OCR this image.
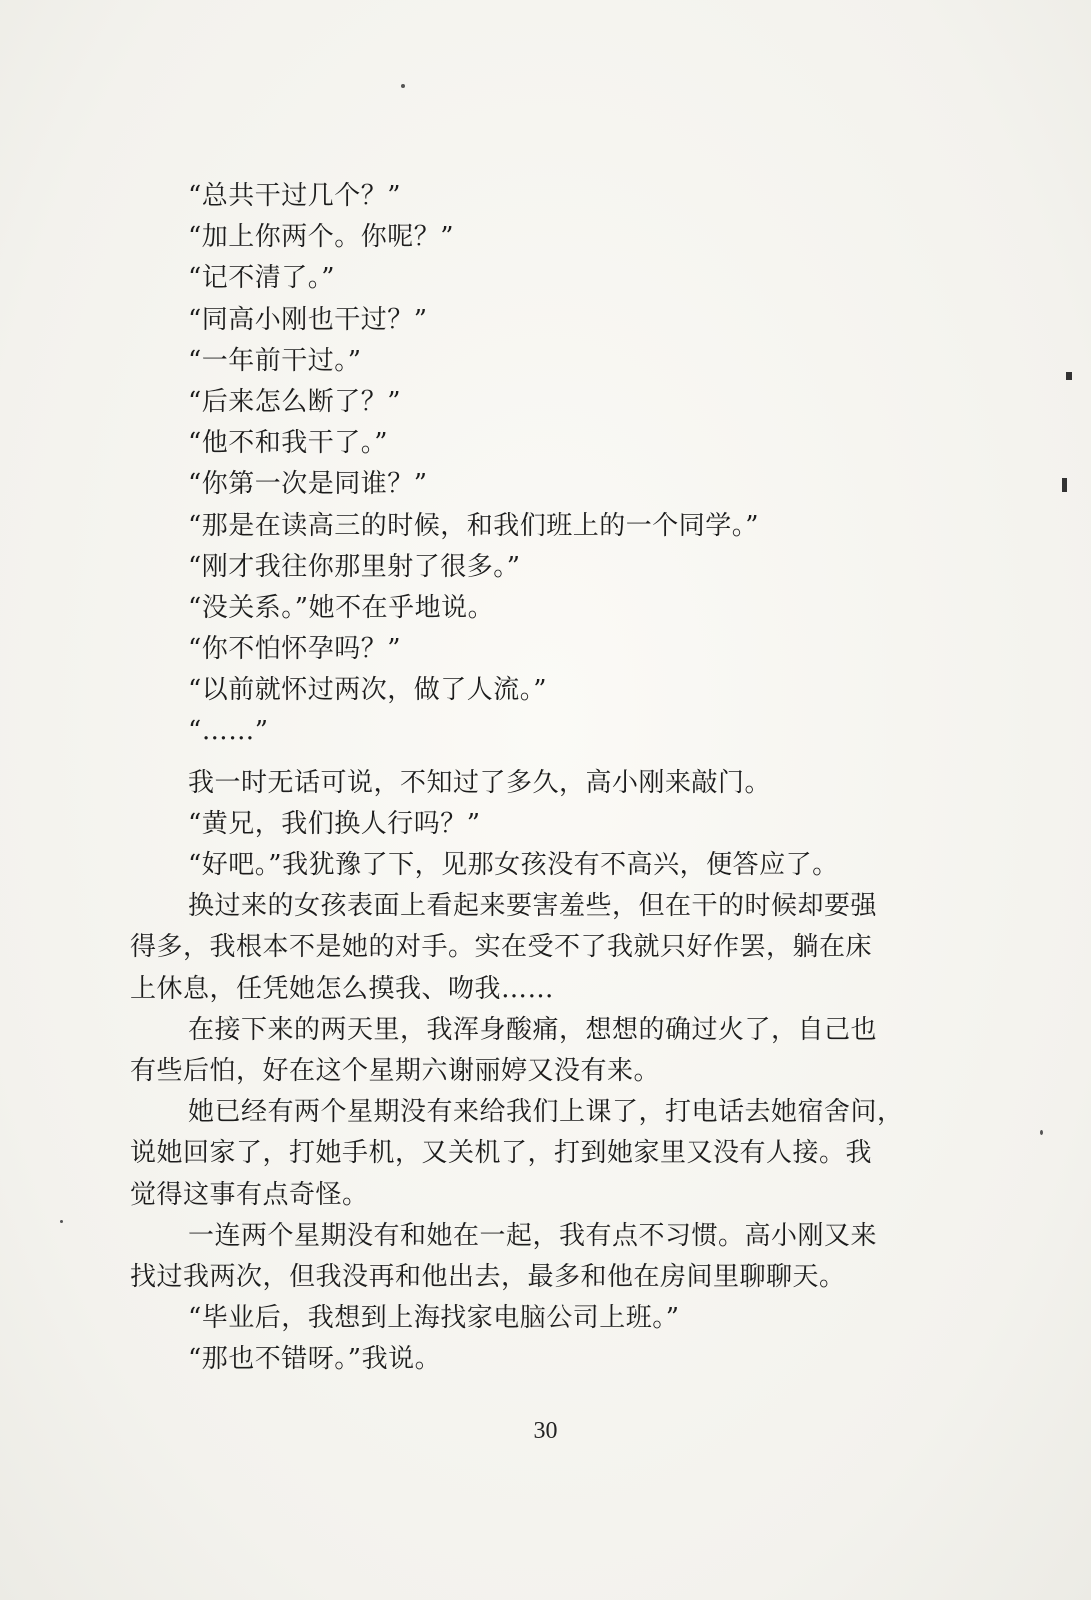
“总共干过几个？”
“加上你两个。你呢？”
“记不清了。”
“同高小刚也干过？”
“一年前干过。”
“后来怎么断了？”
“他不和我干了。”
“你第一次是同谁？”
“那是在读高三的时候，和我们班上的一个同学。”
“刚才我往你那里射了很多。”
“没关系。”她不在乎地说。
“你不怕怀孕吗？”
“以前就怀过两次，做了人流。”
“……”
我一时无话可说，不知过了多久，高小刚来敲门。
“黄兄，我们换人行吗？”
“好吧。”我犹豫了下，见那女孩没有不高兴，便答应了。
换过来的女孩表面上看起来要害羞些，但在干的时候却要强
得多，我根本不是她的对手。实在受不了我就只好作罢，躺在床
上休息，任凭她怎么摸我、吻我……
在接下来的两天里，我浑身酸痛，想想的确过火了，自己也
有些后怕，好在这个星期六谢丽婷又没有来。
她已经有两个星期没有来给我们上课了，打电话去她宿舍问，
说她回家了，打她手机，又关机了，打到她家里又没有人接。我
觉得这事有点奇怪。
一连两个星期没有和她在一起，我有点不习惯。高小刚又来
找过我两次，但我没再和他出去，最多和他在房间里聊聊天。
“毕业后，我想到上海找家电脑公司上班。”
“那也不错呀。”我说。
30
